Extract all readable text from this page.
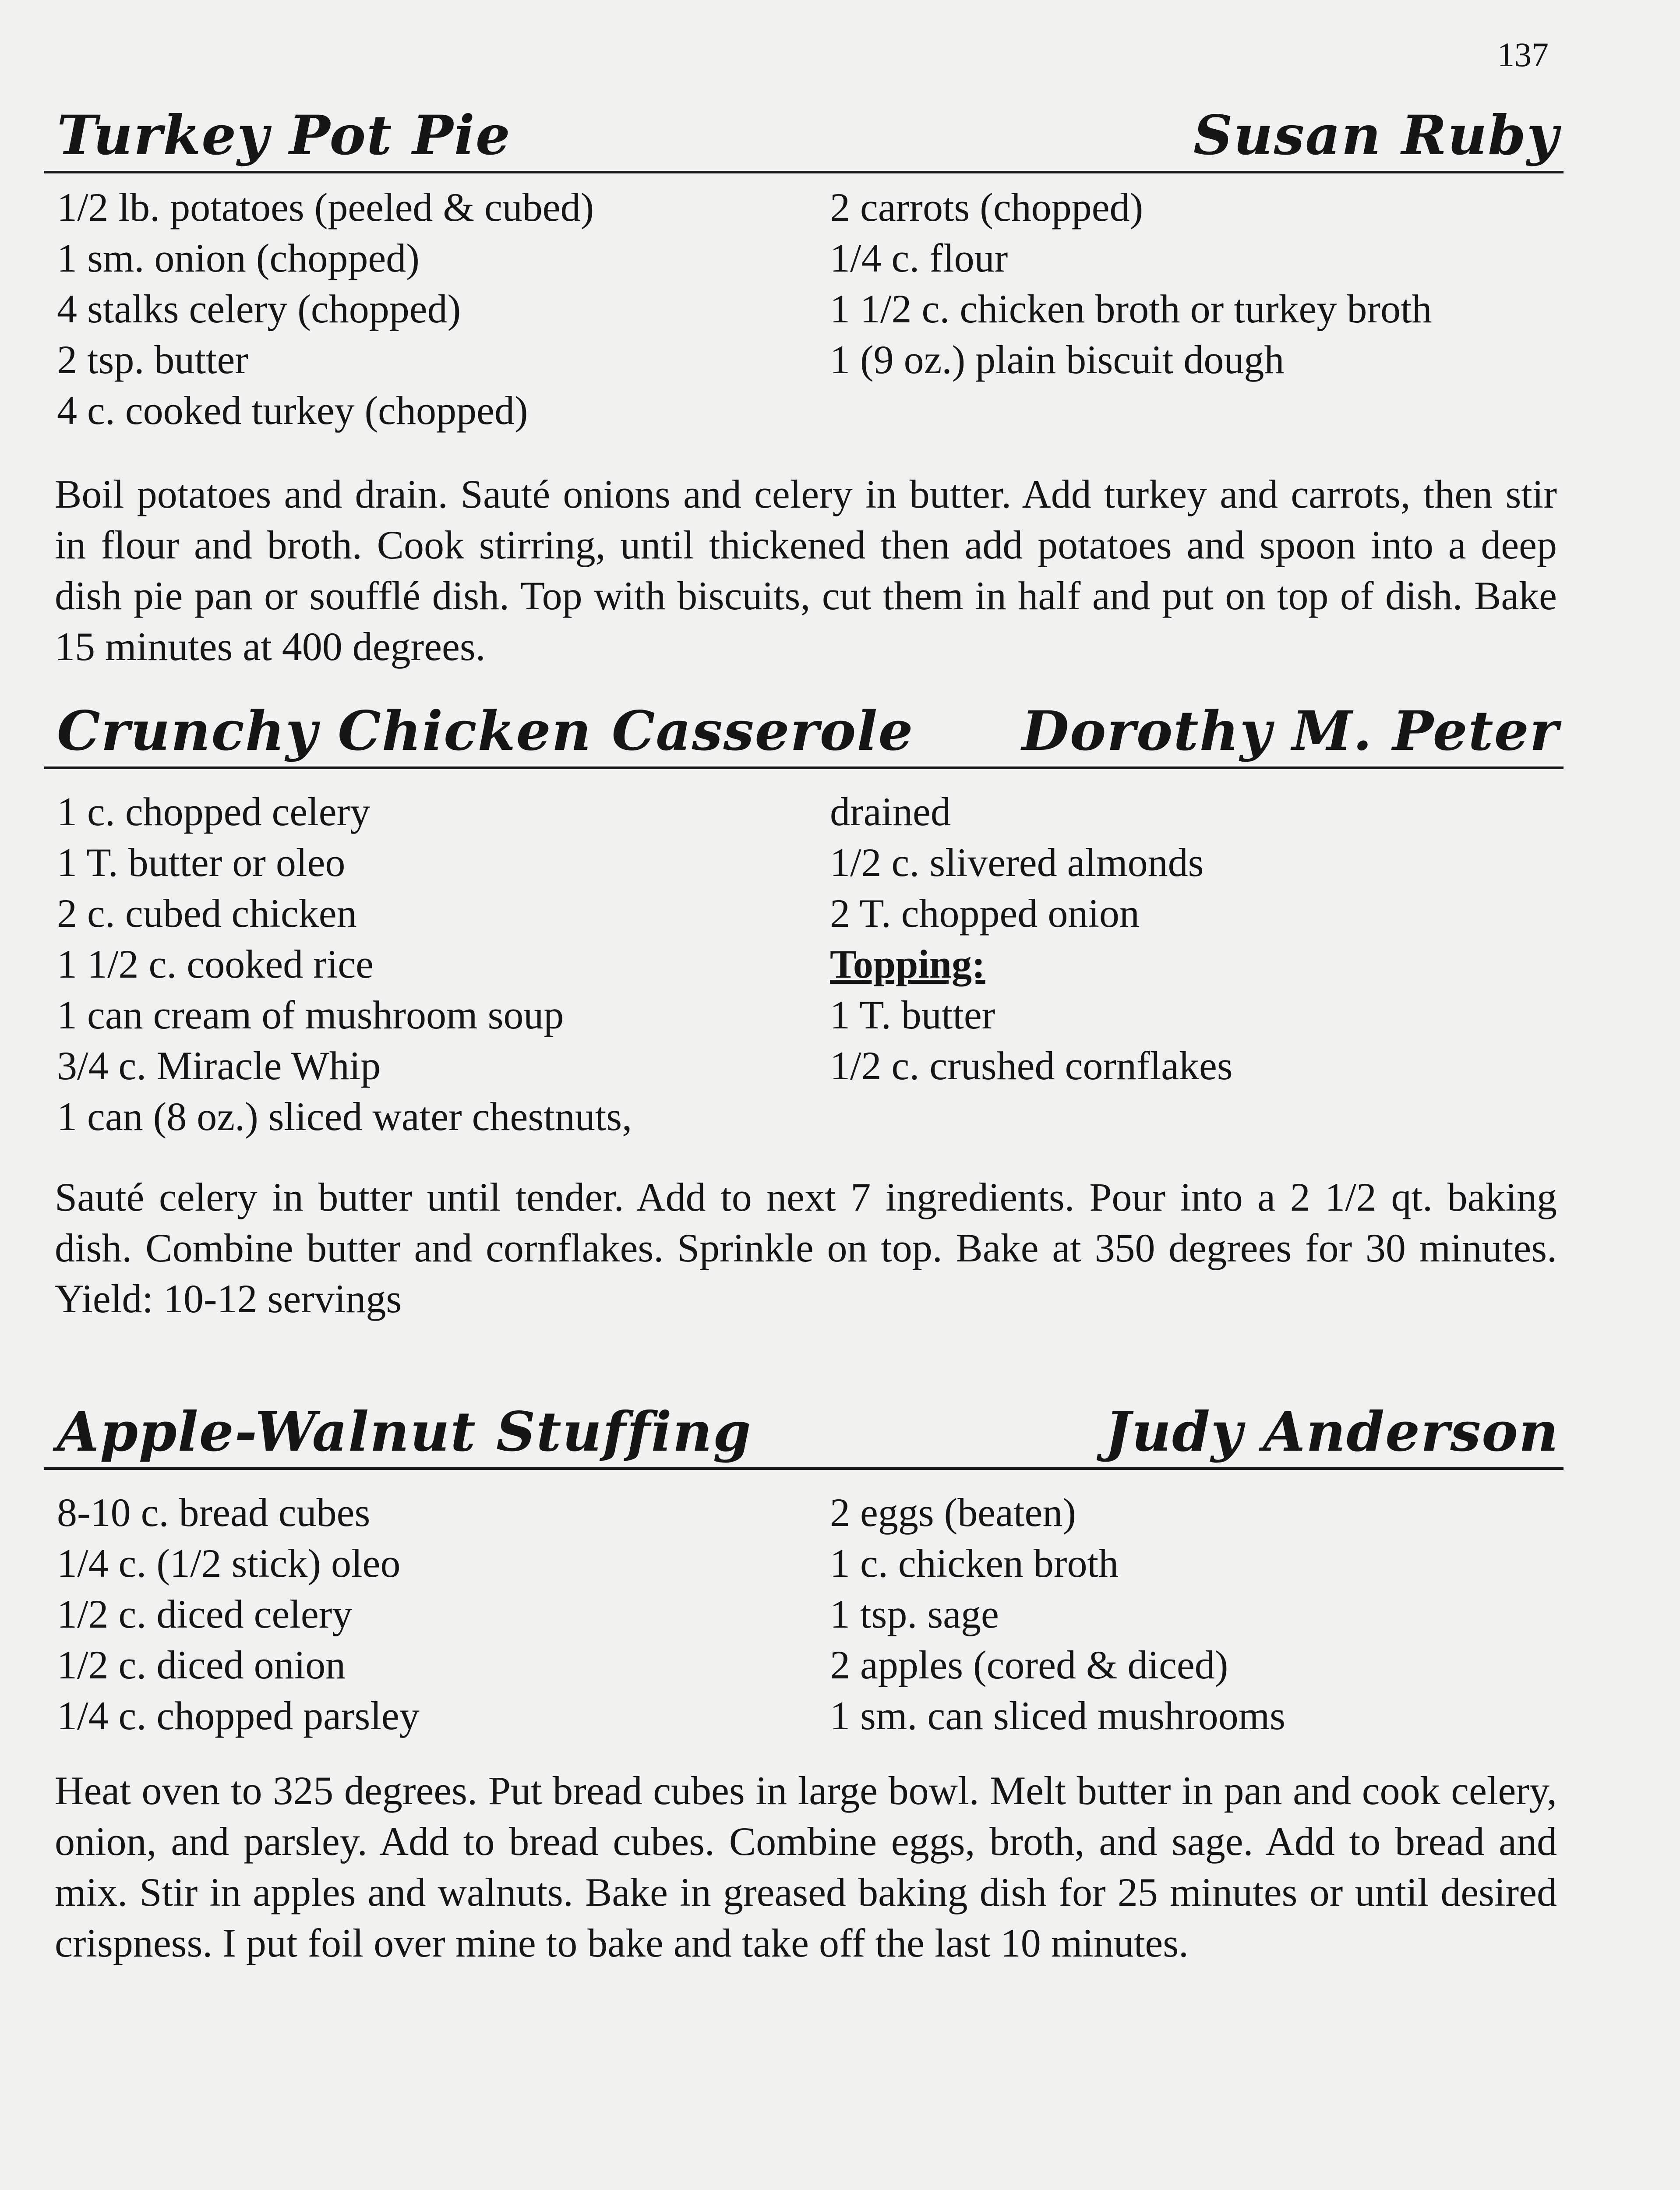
137
Turkey Pot Pie	Susan Ruby
1/2 lb. potatoes (peeled & cubed)
1 sm. onion (chopped)
4 stalks celery (chopped)
2 tsp. butter
4 c. cooked turkey (chopped)
2 carrots (chopped)
1/4 c. flour
1 1/2 c. chicken broth or turkey broth
1 (9 oz.) plain biscuit dough

Boil potatoes and drain. Sauté onions and celery in butter. Add turkey and carrots, then stir in flour and broth. Cook stirring, until thickened then add potatoes and spoon into a deep dish pie pan or soufflé dish. Top with biscuits, cut them in half and put on top of dish. Bake 15 minutes at 400 degrees.

Crunchy Chicken Casserole Dorothy M. Peter
1 c. chopped celery
1 T. butter or oleo
2 c. cubed chicken
1 1/2 c. cooked rice
1 can cream of mushroom soup
3/4 c. Miracle Whip
1 can (8 oz.) sliced water chestnuts,
drained
1/2 c. slivered almonds
2 T. chopped onion
Topping:
1 T. butter
1/2 c. crushed cornflakes

Sauté celery in butter until tender. Add to next 7 ingredients. Pour into a 2 1/2 qt. baking dish. Combine butter and cornflakes. Sprinkle on top. Bake at 350 degrees for 30 minutes. Yield: 10-12 servings

Apple-Walnut Stuffing	Judy Anderson
8-10 c. bread cubes
1/4 c. (1/2 stick) oleo
1/2 c. diced celery
1/2 c. diced onion
1/4 c. chopped parsley
2 eggs (beaten)
1 c. chicken broth
1 tsp. sage
2 apples (cored & diced)
1 sm. can sliced mushrooms

Heat oven to 325 degrees. Put bread cubes in large bowl. Melt butter in pan and cook celery, onion, and parsley. Add to bread cubes. Combine eggs, broth, and sage. Add to bread and mix. Stir in apples and walnuts. Bake in greased baking dish for 25 minutes or until desired crispness. I put foil over mine to bake and take off the last 10 minutes.
